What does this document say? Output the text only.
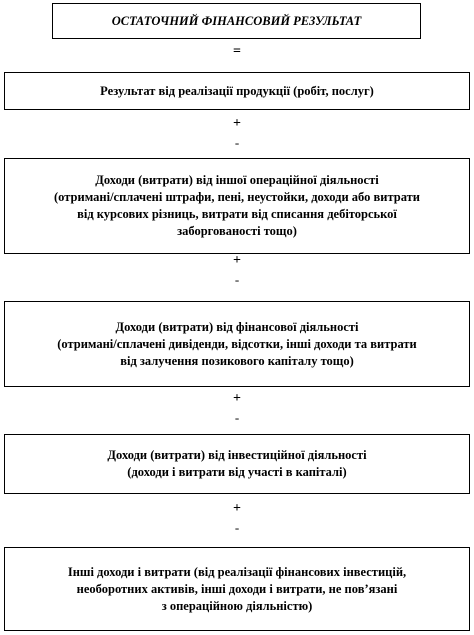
ОСТАТОЧНИЙ ФІНАНСОВИЙ РЕЗУЛЬТАТ
=
Результат від реалізації продукції (робіт, послуг)
+
-
Доходи (витрати) від іншої операційної діяльності
(отримані/сплачені штрафи, пені, неустойки, доходи або витрати
від курсових різниць, витрати від списання дебіторської
заборгованості тощо)
+
-
Доходи (витрати) від фінансової діяльності
(отримані/сплачені дивіденди, відсотки, інші доходи та витрати
від залучення позикового капіталу тощо)
+
-
Доходи (витрати) від інвестиційної діяльності
(доходи і витрати від участі в капіталі)
+
-
Інші доходи і витрати (від реалізації фінансових інвестицій,
необоротних активів, інші доходи і витрати, не пов’язані
з операційною діяльністю)
